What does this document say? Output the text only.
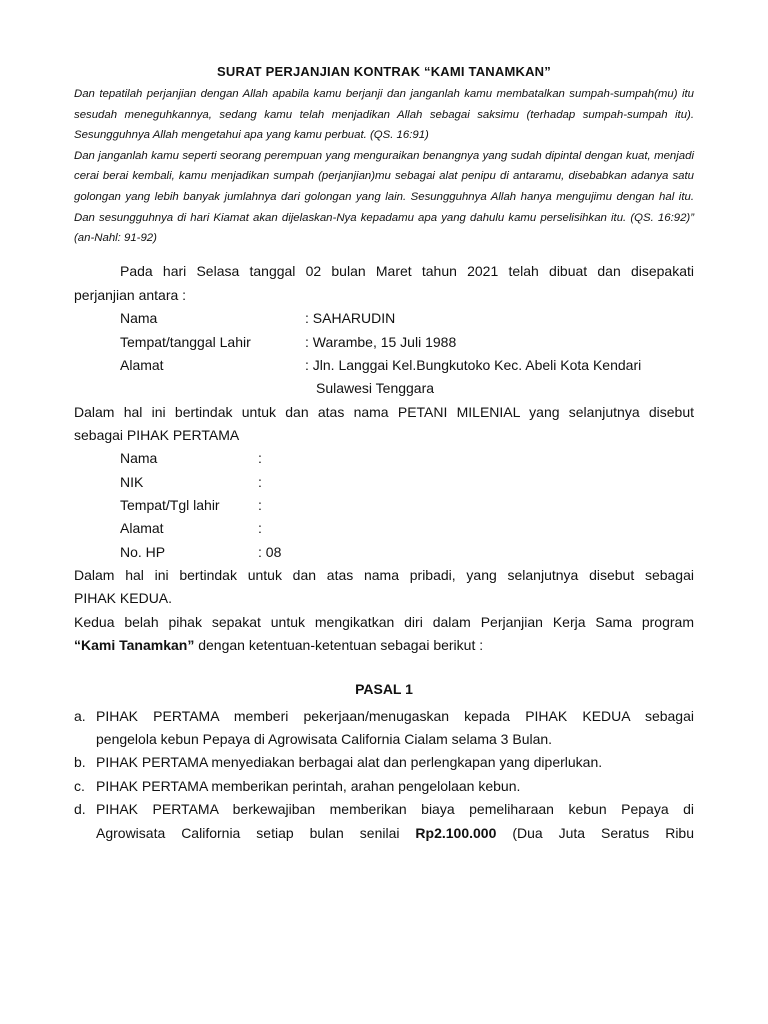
SURAT PERJANJIAN KONTRAK “KAMI TANAMKAN”

Dan tepatilah perjanjian dengan Allah apabila kamu berjanji dan janganlah kamu membatalkan sumpah-sumpah(mu) itu sesudah meneguhkannya, sedang kamu telah menjadikan Allah sebagai saksimu (terhadap sumpah-sumpah itu). Sesungguhnya Allah mengetahui apa yang kamu perbuat. (QS. 16:91)

Dan janganlah kamu seperti seorang perempuan yang menguraikan benangnya yang sudah dipintal dengan kuat, menjadi cerai berai kembali, kamu menjadikan sumpah (perjanjian)mu sebagai alat penipu di antaramu, disebabkan adanya satu golongan yang lebih banyak jumlahnya dari golongan yang lain. Sesungguhnya Allah hanya mengujimu dengan hal itu. Dan sesungguhnya di hari Kiamat akan dijelaskan-Nya kepadamu apa yang dahulu kamu perselisihkan itu. (QS. 16:92)” (an-Nahl: 91-92)

Pada hari Selasa tanggal 02 bulan Maret tahun 2021 telah dibuat dan disepakati
perjanjian antara :
Nama	: SAHARUDIN
Tempat/tanggal Lahir	: Warambe, 15 Juli 1988
Alamat	: Jln. Langgai Kel.Bungkutoko Kec. Abeli Kota Kendari
Sulawesi Tenggara
Dalam hal ini bertindak untuk dan atas nama PETANI MILENIAL yang selanjutnya disebut
sebagai PIHAK PERTAMA
Nama	:
NIK	:
Tempat/Tgl lahir	:
Alamat	:
No. HP	: 08
Dalam hal ini bertindak untuk dan atas nama pribadi, yang selanjutnya disebut sebagai
PIHAK KEDUA.
Kedua belah pihak sepakat untuk mengikatkan diri dalam Perjanjian Kerja Sama program
“Kami Tanamkan” dengan ketentuan-ketentuan sebagai berikut :
PASAL 1
a. PIHAK PERTAMA memberi pekerjaan/menugaskan kepada PIHAK KEDUA sebagai
pengelola kebun Pepaya di Agrowisata California Cialam selama 3 Bulan.
b. PIHAK PERTAMA menyediakan berbagai alat dan perlengkapan yang diperlukan.
c. PIHAK PERTAMA memberikan perintah, arahan pengelolaan kebun.
d. PIHAK PERTAMA berkewajiban memberikan biaya pemeliharaan kebun Pepaya di
Agrowisata California setiap bulan senilai Rp2.100.000 (Dua Juta Seratus Ribu
